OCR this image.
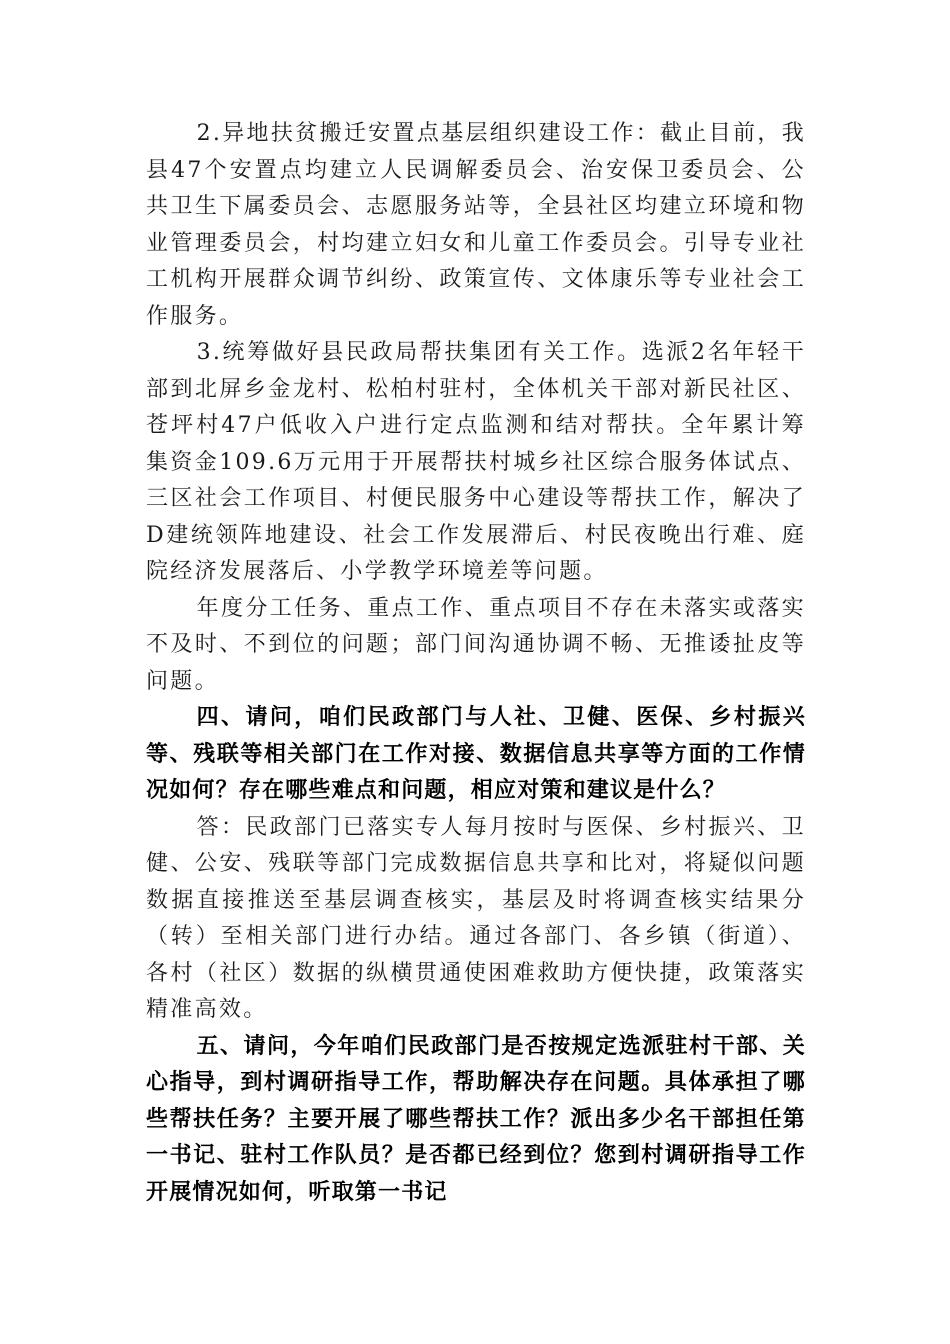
2.异地扶贫搬迁安置点基层组织建设工作：截止目前，我县47个安置点均建立人民调解委员会、治安保卫委员会、公共卫生下属委员会、志愿服务站等，全县社区均建立环境和物业管理委员会，村均建立妇女和儿童工作委员会。引导专业社工机构开展群众调节纠纷、政策宣传、文体康乐等专业社会工作服务。

3.统筹做好县民政局帮扶集团有关工作。选派2名年轻干部到北屏乡金龙村、松柏村驻村，全体机关干部对新民社区、苍坪村47户低收入户进行定点监测和结对帮扶。全年累计筹集资金109.6万元用于开展帮扶村城乡社区综合服务体试点、三区社会工作项目、村便民服务中心建设等帮扶工作，解决了D建统领阵地建设、社会工作发展滞后、村民夜晚出行难、庭院经济发展落后、小学教学环境差等问题。

年度分工任务、重点工作、重点项目不存在未落实或落实不及时、不到位的问题；部门间沟通协调不畅、无推诿扯皮等问题。

四、请问，咱们民政部门与人社、卫健、医保、乡村振兴等、残联等相关部门在工作对接、数据信息共享等方面的工作情况如何？存在哪些难点和问题，相应对策和建议是什么？

答：民政部门已落实专人每月按时与医保、乡村振兴、卫健、公安、残联等部门完成数据信息共享和比对，将疑似问题数据直接推送至基层调查核实，基层及时将调查核实结果分（转）至相关部门进行办结。通过各部门、各乡镇（街道）、各村（社区）数据的纵横贯通使困难救助方便快捷，政策落实精准高效。

五、请问，今年咱们民政部门是否按规定选派驻村干部、关心指导，到村调研指导工作，帮助解决存在问题。具体承担了哪些帮扶任务？主要开展了哪些帮扶工作？派出多少名干部担任第一书记、驻村工作队员？是否都已经到位？您到村调研指导工作开展情况如何，听取第一书记
